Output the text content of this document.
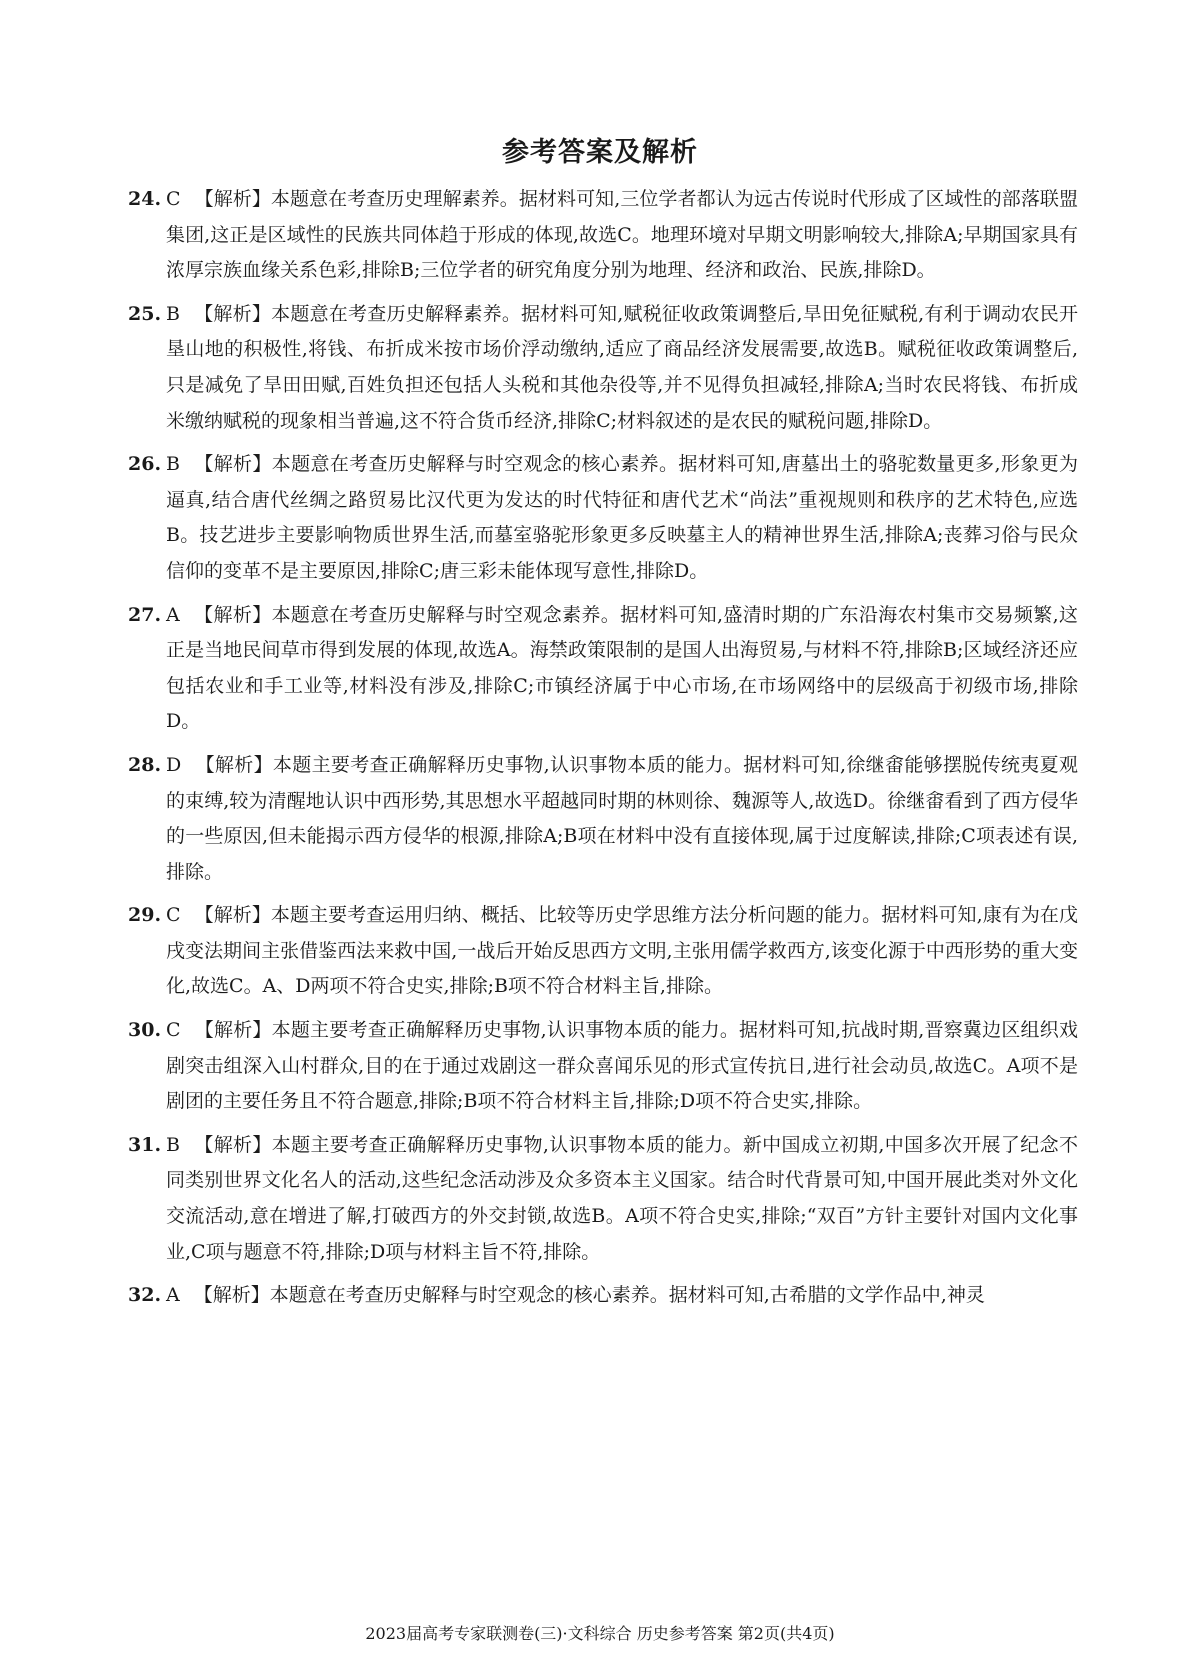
参考答案及解析

24. C 【解析】本题意在考查历史理解素养。据材料可知,三位学者都认为远古传说时代形成了区域性的部落联盟集团,这正是区域性的民族共同体趋于形成的体现,故选C。地理环境对早期文明影响较大,排除A;早期国家具有浓厚宗族血缘关系色彩,排除B;三位学者的研究角度分别为地理、经济和政治、民族,排除D。

25. B 【解析】本题意在考查历史解释素养。据材料可知,赋税征收政策调整后,旱田免征赋税,有利于调动农民开垦山地的积极性,将钱、布折成米按市场价浮动缴纳,适应了商品经济发展需要,故选B。赋税征收政策调整后,只是减免了旱田田赋,百姓负担还包括人头税和其他杂役等,并不见得负担减轻,排除A;当时农民将钱、布折成米缴纳赋税的现象相当普遍,这不符合货币经济,排除C;材料叙述的是农民的赋税问题,排除D。

26. B 【解析】本题意在考查历史解释与时空观念的核心素养。据材料可知,唐墓出土的骆驼数量更多,形象更为逼真,结合唐代丝绸之路贸易比汉代更为发达的时代特征和唐代艺术“尚法”重视规则和秩序的艺术特色,应选B。技艺进步主要影响物质世界生活,而墓室骆驼形象更多反映墓主人的精神世界生活,排除A;丧葬习俗与民众信仰的变革不是主要原因,排除C;唐三彩未能体现写意性,排除D。

27. A 【解析】本题意在考查历史解释与时空观念素养。据材料可知,盛清时期的广东沿海农村集市交易频繁,这正是当地民间草市得到发展的体现,故选A。海禁政策限制的是国人出海贸易,与材料不符,排除B;区域经济还应包括农业和手工业等,材料没有涉及,排除C;市镇经济属于中心市场,在市场网络中的层级高于初级市场,排除D。

28. D 【解析】本题主要考查正确解释历史事物,认识事物本质的能力。据材料可知,徐继畬能够摆脱传统夷夏观的束缚,较为清醒地认识中西形势,其思想水平超越同时期的林则徐、魏源等人,故选D。徐继畬看到了西方侵华的一些原因,但未能揭示西方侵华的根源,排除A;B项在材料中没有直接体现,属于过度解读,排除;C项表述有误,排除。

29. C 【解析】本题主要考查运用归纳、概括、比较等历史学思维方法分析问题的能力。据材料可知,康有为在戊戌变法期间主张借鉴西法来救中国,一战后开始反思西方文明,主张用儒学救西方,该变化源于中西形势的重大变化,故选C。A、D两项不符合史实,排除;B项不符合材料主旨,排除。

30. C 【解析】本题主要考查正确解释历史事物,认识事物本质的能力。据材料可知,抗战时期,晋察冀边区组织戏剧突击组深入山村群众,目的在于通过戏剧这一群众喜闻乐见的形式宣传抗日,进行社会动员,故选C。A项不是剧团的主要任务且不符合题意,排除;B项不符合材料主旨,排除;D项不符合史实,排除。

31. B 【解析】本题主要考查正确解释历史事物,认识事物本质的能力。新中国成立初期,中国多次开展了纪念不同类别世界文化名人的活动,这些纪念活动涉及众多资本主义国家。结合时代背景可知,中国开展此类对外文化交流活动,意在增进了解,打破西方的外交封锁,故选B。A项不符合史实,排除;“双百”方针主要针对国内文化事业,C项与题意不符,排除;D项与材料主旨不符,排除。

32. A 【解析】本题意在考查历史解释与时空观念的核心素养。据材料可知,古希腊的文学作品中,神灵

2023届高考专家联测卷(三)·文科综合 历史参考答案 第2页(共4页)
